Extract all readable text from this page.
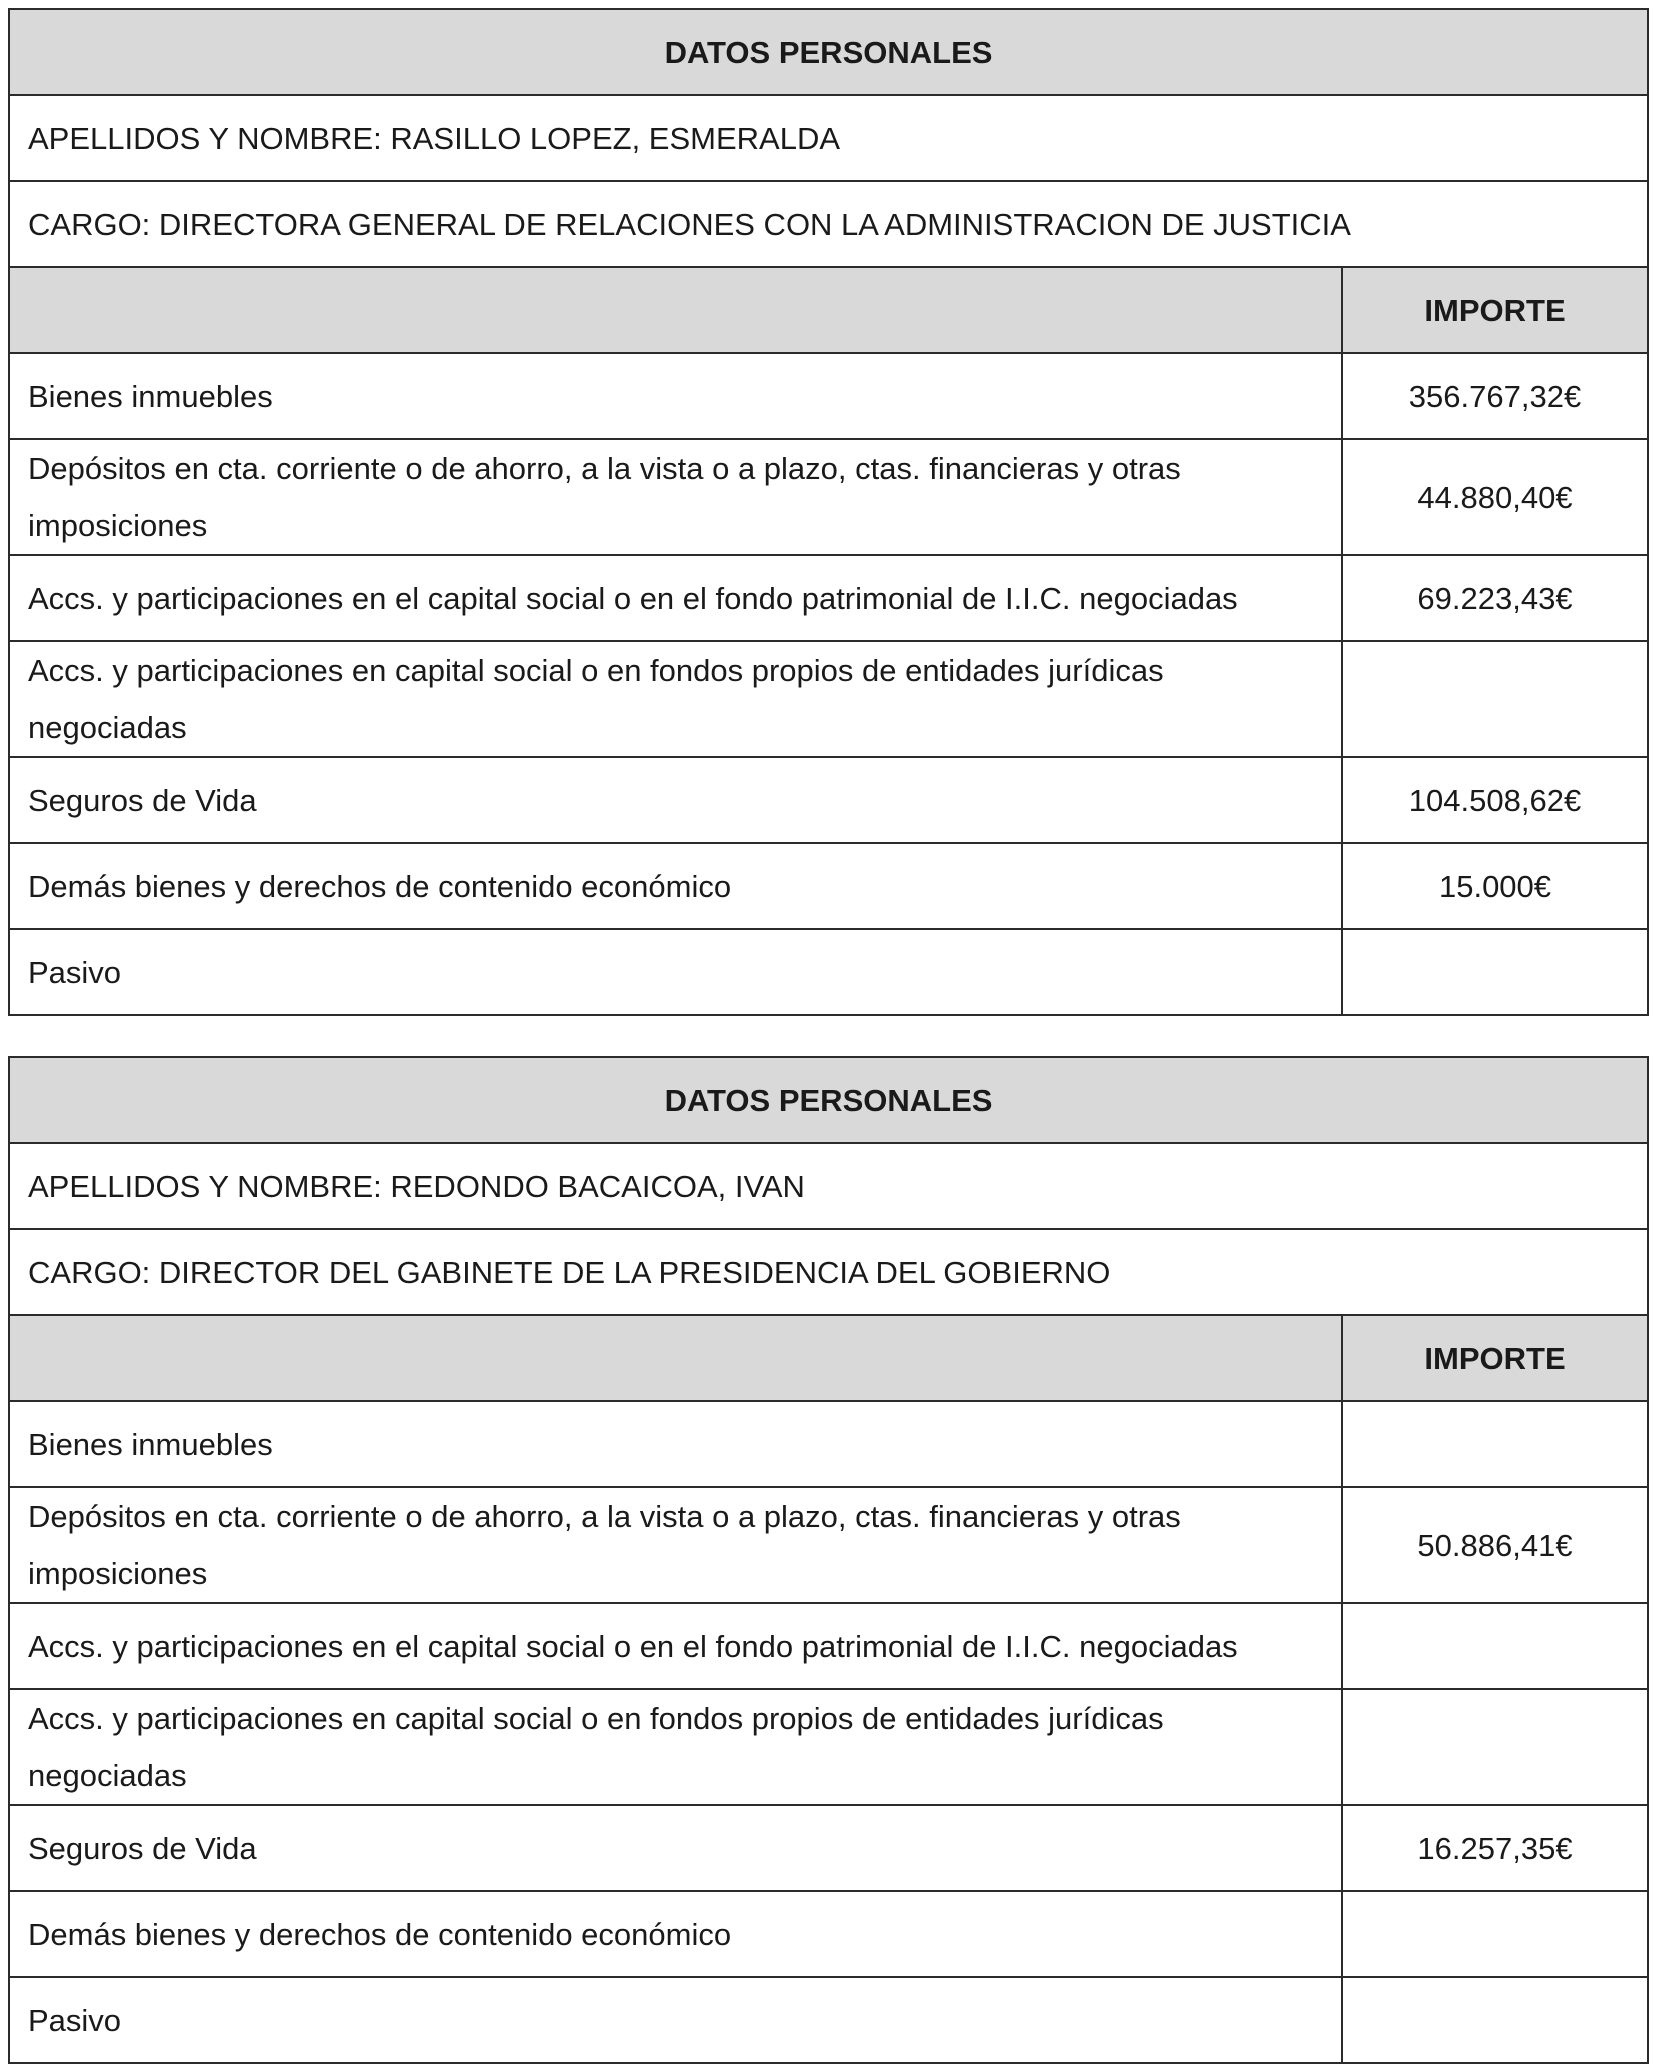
DATOS PERSONALES	
APELLIDOS Y NOMBRE: RASILLO LOPEZ, ESMERALDA	
CARGO: DIRECTORA GENERAL DE RELACIONES CON LA ADMINISTRACION DE JUSTICIA	
	IMPORTE
Bienes inmuebles	356.767,32€
Depósitos en cta. corriente o de ahorro, a la vista o a plazo, ctas. financieras y otras imposiciones	44.880,40€
Accs. y participaciones en el capital social o en el fondo patrimonial de I.I.C. negociadas	69.223,43€
Accs. y participaciones en capital social o en fondos propios de entidades jurídicas negociadas	
Seguros de Vida	104.508,62€
Demás bienes y derechos de contenido económico	15.000€
Pasivo	
DATOS PERSONALES	
APELLIDOS Y NOMBRE: REDONDO BACAICOA, IVAN	
CARGO: DIRECTOR DEL GABINETE DE LA PRESIDENCIA DEL GOBIERNO	
	IMPORTE
Bienes inmuebles	
Depósitos en cta. corriente o de ahorro, a la vista o a plazo, ctas. financieras y otras imposiciones	50.886,41€
Accs. y participaciones en el capital social o en el fondo patrimonial de I.I.C. negociadas	
Accs. y participaciones en capital social o en fondos propios de entidades jurídicas negociadas	
Seguros de Vida	16.257,35€
Demás bienes y derechos de contenido económico	
Pasivo	
